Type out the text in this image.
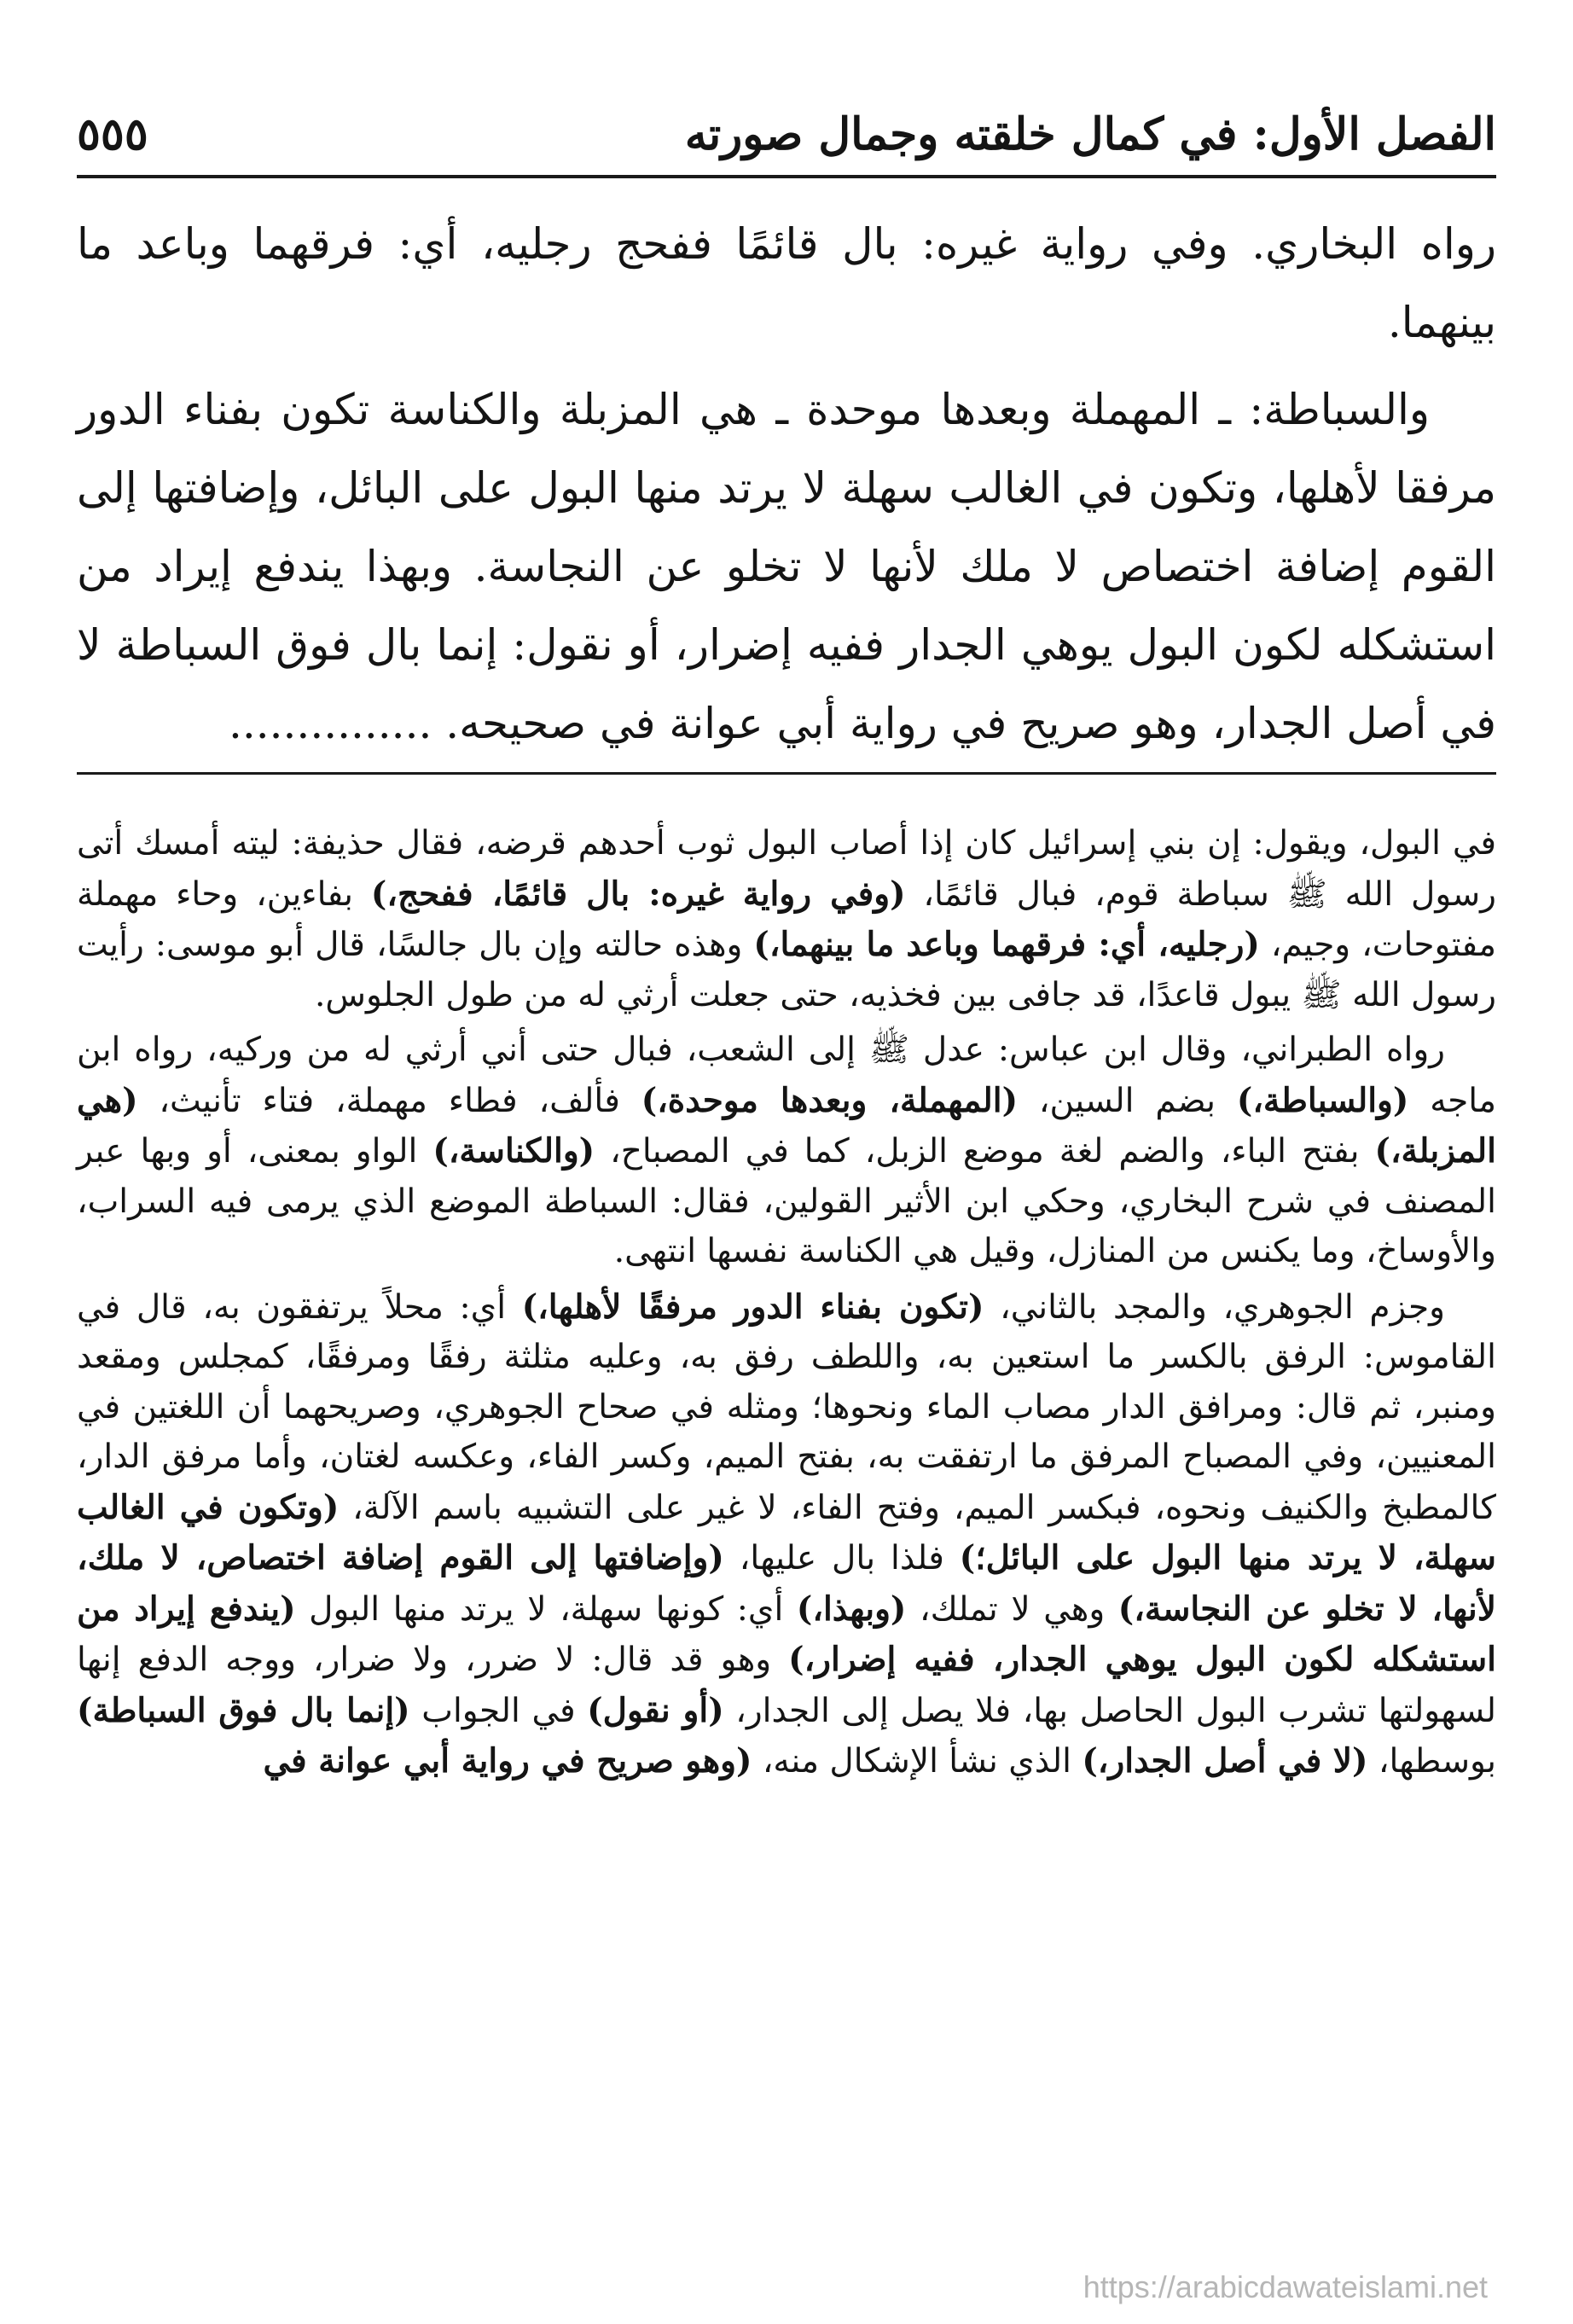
الفصل الأول: في كمال خلقته وجمال صورته
٥٥٥

رواه البخاري. وفي رواية غيره: بال قائمًا ففحج رجليه، أي: فرقهما وباعد ما بينهما.

والسباطة: ـ المهملة وبعدها موحدة ـ هي المزبلة والكناسة تكون بفناء الدور مرفقا لأهلها، وتكون في الغالب سهلة لا يرتد منها البول على البائل، وإضافتها إلى القوم إضافة اختصاص لا ملك لأنها لا تخلو عن النجاسة. وبهذا يندفع إيراد من استشكله لكون البول يوهي الجدار ففيه إضرار، أو نقول: إنما بال فوق السباطة لا في أصل الجدار، وهو صريح في رواية أبي عوانة في صحيحه. ...............

في البول، ويقول: إن بني إسرائيل كان إذا أصاب البول ثوب أحدهم قرضه، فقال حذيفة: ليته أمسك أتى رسول الله ﷺ سباطة قوم، فبال قائمًا، (وفي رواية غيره: بال قائمًا، ففحج،) بفاءين، وحاء مهملة مفتوحات، وجيم، (رجليه، أي: فرقهما وباعد ما بينهما،) وهذه حالته وإن بال جالسًا، قال أبو موسى: رأيت رسول الله ﷺ يبول قاعدًا، قد جافى بين فخذيه، حتى جعلت أرثي له من طول الجلوس.

رواه الطبراني، وقال ابن عباس: عدل ﷺ إلى الشعب، فبال حتى أني أرثي له من وركيه، رواه ابن ماجه (والسباطة،) بضم السين، (المهملة، وبعدها موحدة،) فألف، فطاء مهملة، فتاء تأنيث، (هي المزبلة،) بفتح الباء، والضم لغة موضع الزبل، كما في المصباح، (والكناسة،) الواو بمعنى، أو وبها عبر المصنف في شرح البخاري، وحكي ابن الأثير القولين، فقال: السباطة الموضع الذي يرمى فيه السراب، والأوساخ، وما يكنس من المنازل، وقيل هي الكناسة نفسها انتهى.

وجزم الجوهري، والمجد بالثاني، (تكون بفناء الدور مرفقًا لأهلها،) أي: محلاً يرتفقون به، قال في القاموس: الرفق بالكسر ما استعين به، واللطف رفق به، وعليه مثلثة رفقًا ومرفقًا، كمجلس ومقعد ومنبر، ثم قال: ومرافق الدار مصاب الماء ونحوها؛ ومثله في صحاح الجوهري، وصريحهما أن اللغتين في المعنيين، وفي المصباح المرفق ما ارتفقت به، بفتح الميم، وكسر الفاء، وعكسه لغتان، وأما مرفق الدار، كالمطبخ والكنيف ونحوه، فبكسر الميم، وفتح الفاء، لا غير على التشبيه باسم الآلة، (وتكون في الغالب سهلة، لا يرتد منها البول على البائل؛) فلذا بال عليها، (وإضافتها إلى القوم إضافة اختصاص، لا ملك، لأنها، لا تخلو عن النجاسة،) وهي لا تملك، (وبهذا،) أي: كونها سهلة، لا يرتد منها البول (يندفع إيراد من استشكله لكون البول يوهي الجدار، ففيه إضرار،) وهو قد قال: لا ضرر، ولا ضرار، ووجه الدفع إنها لسهولتها تشرب البول الحاصل بها، فلا يصل إلى الجدار، (أو نقول) في الجواب (إنما بال فوق السباطة) بوسطها، (لا في أصل الجدار،) الذي نشأ الإشكال منه، (وهو صريح في رواية أبي عوانة في

https://arabicdawateislami.net
